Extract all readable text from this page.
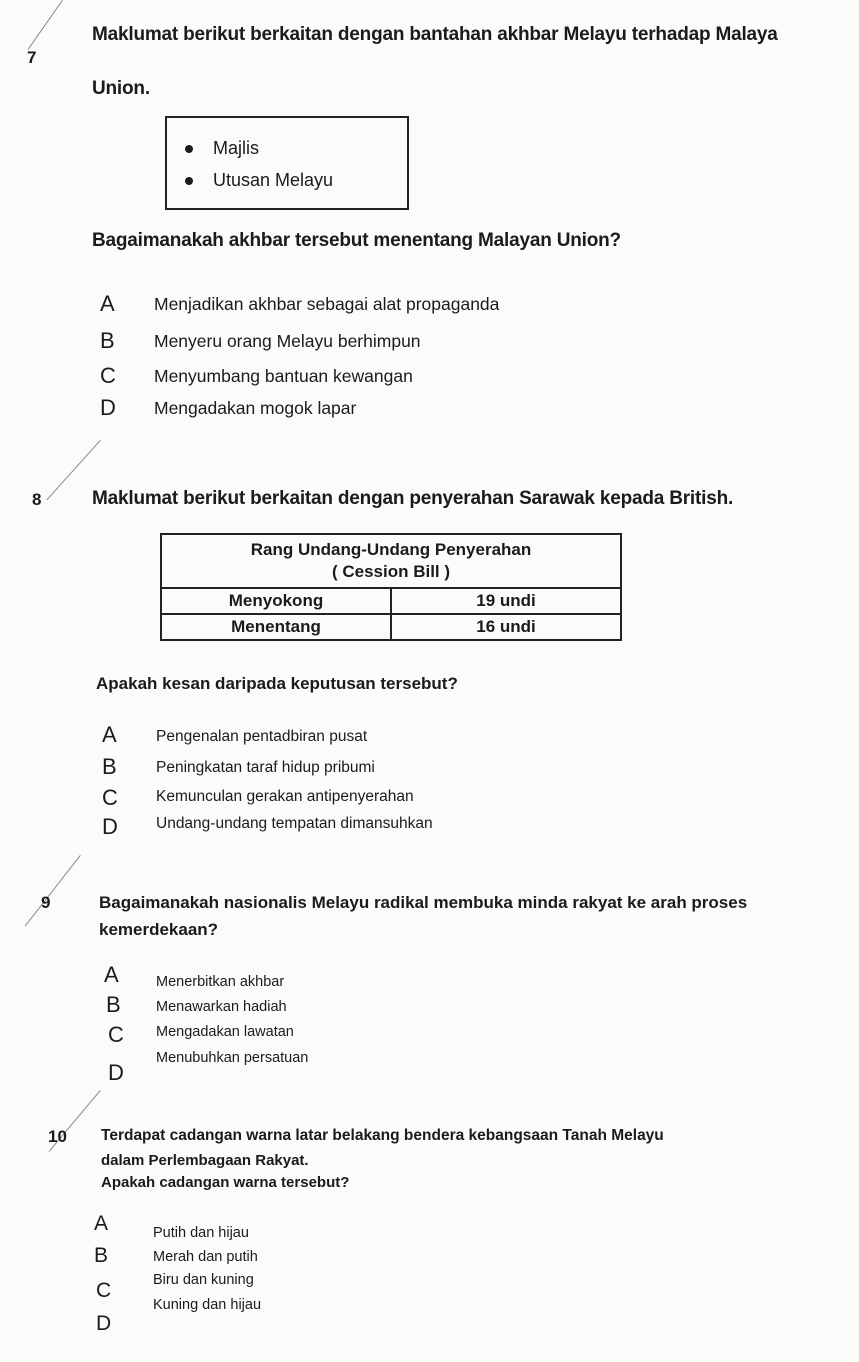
7
Maklumat berikut berkaitan dengan bantahan akhbar Melayu terhadap Malaya
Union.
Majlis
Utusan Melayu
Bagaimanakah akhbar tersebut menentang Malayan Union?
A Menjadikan akhbar sebagai alat propaganda
B Menyeru orang Melayu berhimpun
C Menyumbang bantuan kewangan
D Mengadakan mogok lapar
8	Maklumat berikut berkaitan dengan penyerahan Sarawak kepada British.
Rang Undang-Undang Penyerahan
( Cession Bill )	

Menyokong	19 undi
Menentang	16 undi
Apakah kesan daripada keputusan tersebut?
A	Pengenalan pentadbiran pusat
B	Peningkatan taraf hidup pribumi
C Kemunculan gerakan antipenyerahan
D Undang-undang tempatan dimansuhkan
9	Bagaimanakah nasionalis Melayu radikal membuka minda rakyat ke arah proses
kemerdekaan?
A	Menerbitkan akhbar
B Menawarkan hadiah
C Mengadakan lawatan
D
Menubuhkan persatuan
10 Terdapat cadangan warna latar belakang bendera kebangsaan Tanah Melayu
dalam Perlembagaan Rakyat.
Apakah cadangan warna tersebut?
A	Putih dan hijau
B	Merah dan putih
C	Biru dan kuning
D
Kuning dan hijau
